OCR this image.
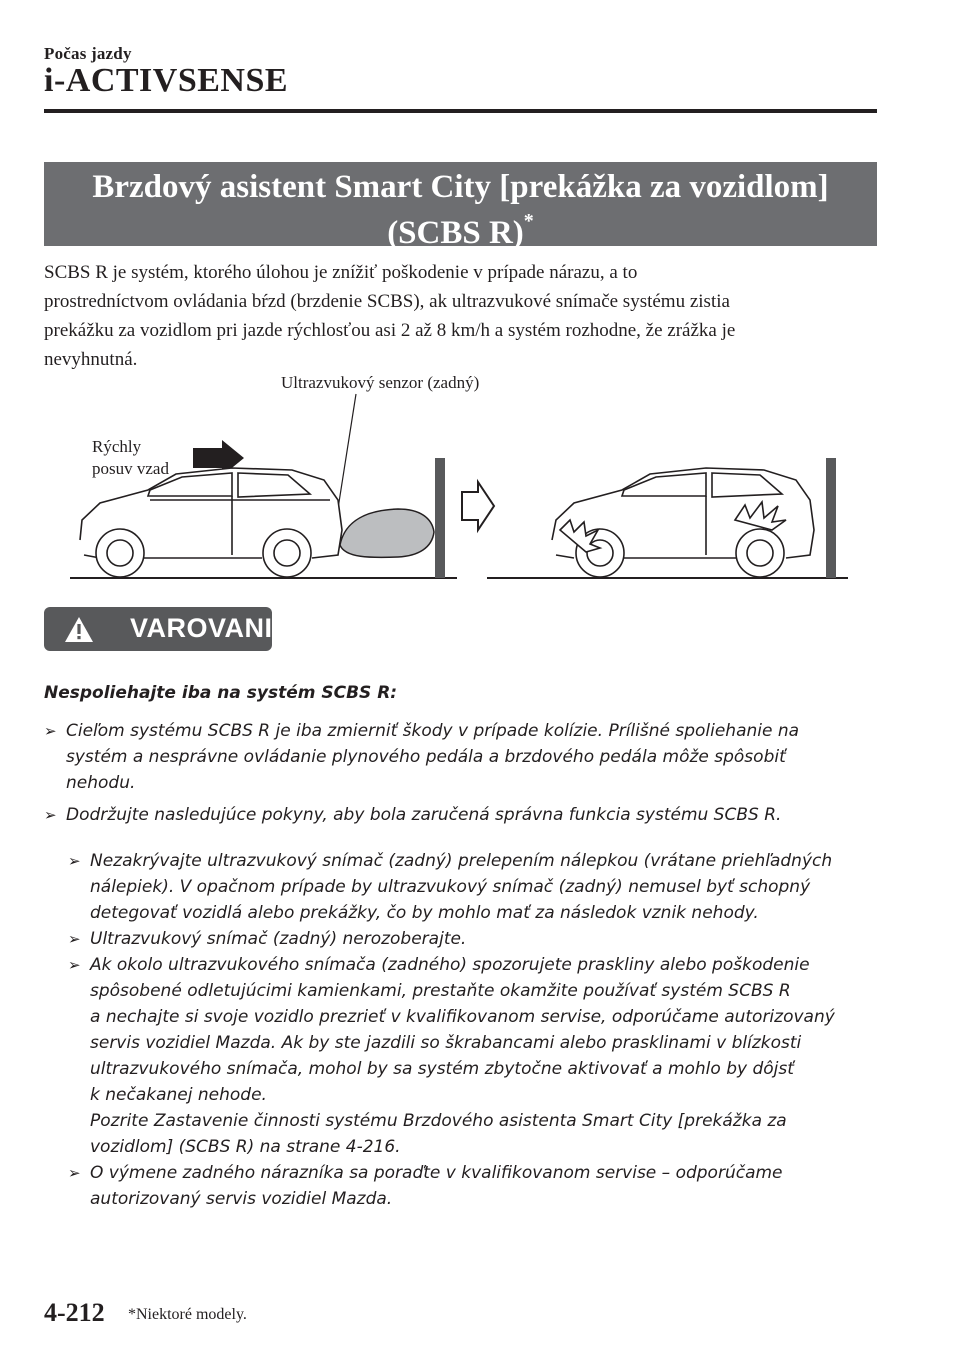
Počas jazdy
i-ACTIVSENSE
Brzdový asistent Smart City [prekážka za vozidlom]
(SCBS R)*

SCBS R je systém, ktorého úlohou je znížiť poškodenie v prípade nárazu, a to

prostredníctvom ovládania bŕzd (brzdenie SCBS), ak ultrazvukové snímače systému zistia

prekážku za vozidlom pri jazde rýchlosťou asi 2 až 8 km/h a systém rozhodne, že zrážka je

nevyhnutná.

Ultrazvukový senzor (zadný)
Rýchly
posuv vzad
VAROVANIE

Nespoliehajte iba na systém SCBS R:

➢ Cieľom systému SCBS R je iba zmierniť škody v prípade kolízie. Prílišné spoliehanie na
systém a nesprávne ovládanie plynového pedála a brzdového pedála môže spôsobiť
nehodu.
➢ Dodržujte nasledujúce pokyny, aby bola zaručená správna funkcia systému SCBS R.
➢ Nezakrývajte ultrazvukový snímač (zadný) prelepením nálepkou (vrátane priehľadných
nálepiek). V opačnom prípade by ultrazvukový snímač (zadný) nemusel byť schopný
detegovať vozidlá alebo prekážky, čo by mohlo mať za následok vznik nehody.
➢ Ultrazvukový snímač (zadný) nerozoberajte.
➢ Ak okolo ultrazvukového snímača (zadného) spozorujete praskliny alebo poškodenie
spôsobené odletujúcimi kamienkami, prestaňte okamžite používať systém SCBS R
a nechajte si svoje vozidlo prezrieť v kvalifikovanom servise, odporúčame autorizovaný
servis vozidiel Mazda. Ak by ste jazdili so škrabancami alebo prasklinami v blízkosti
ultrazvukového snímača, mohol by sa systém zbytočne aktivovať a mohlo by dôjsť
k nečakanej nehode.
Pozrite Zastavenie činnosti systému Brzdového asistenta Smart City [prekážka za
vozidlom] (SCBS R) na strane 4-216.
➢ O výmene zadného nárazníka sa poraďte v kvalifikovanom servise – odporúčame
autorizovaný servis vozidiel Mazda.
4-212 *Niektoré modely.
